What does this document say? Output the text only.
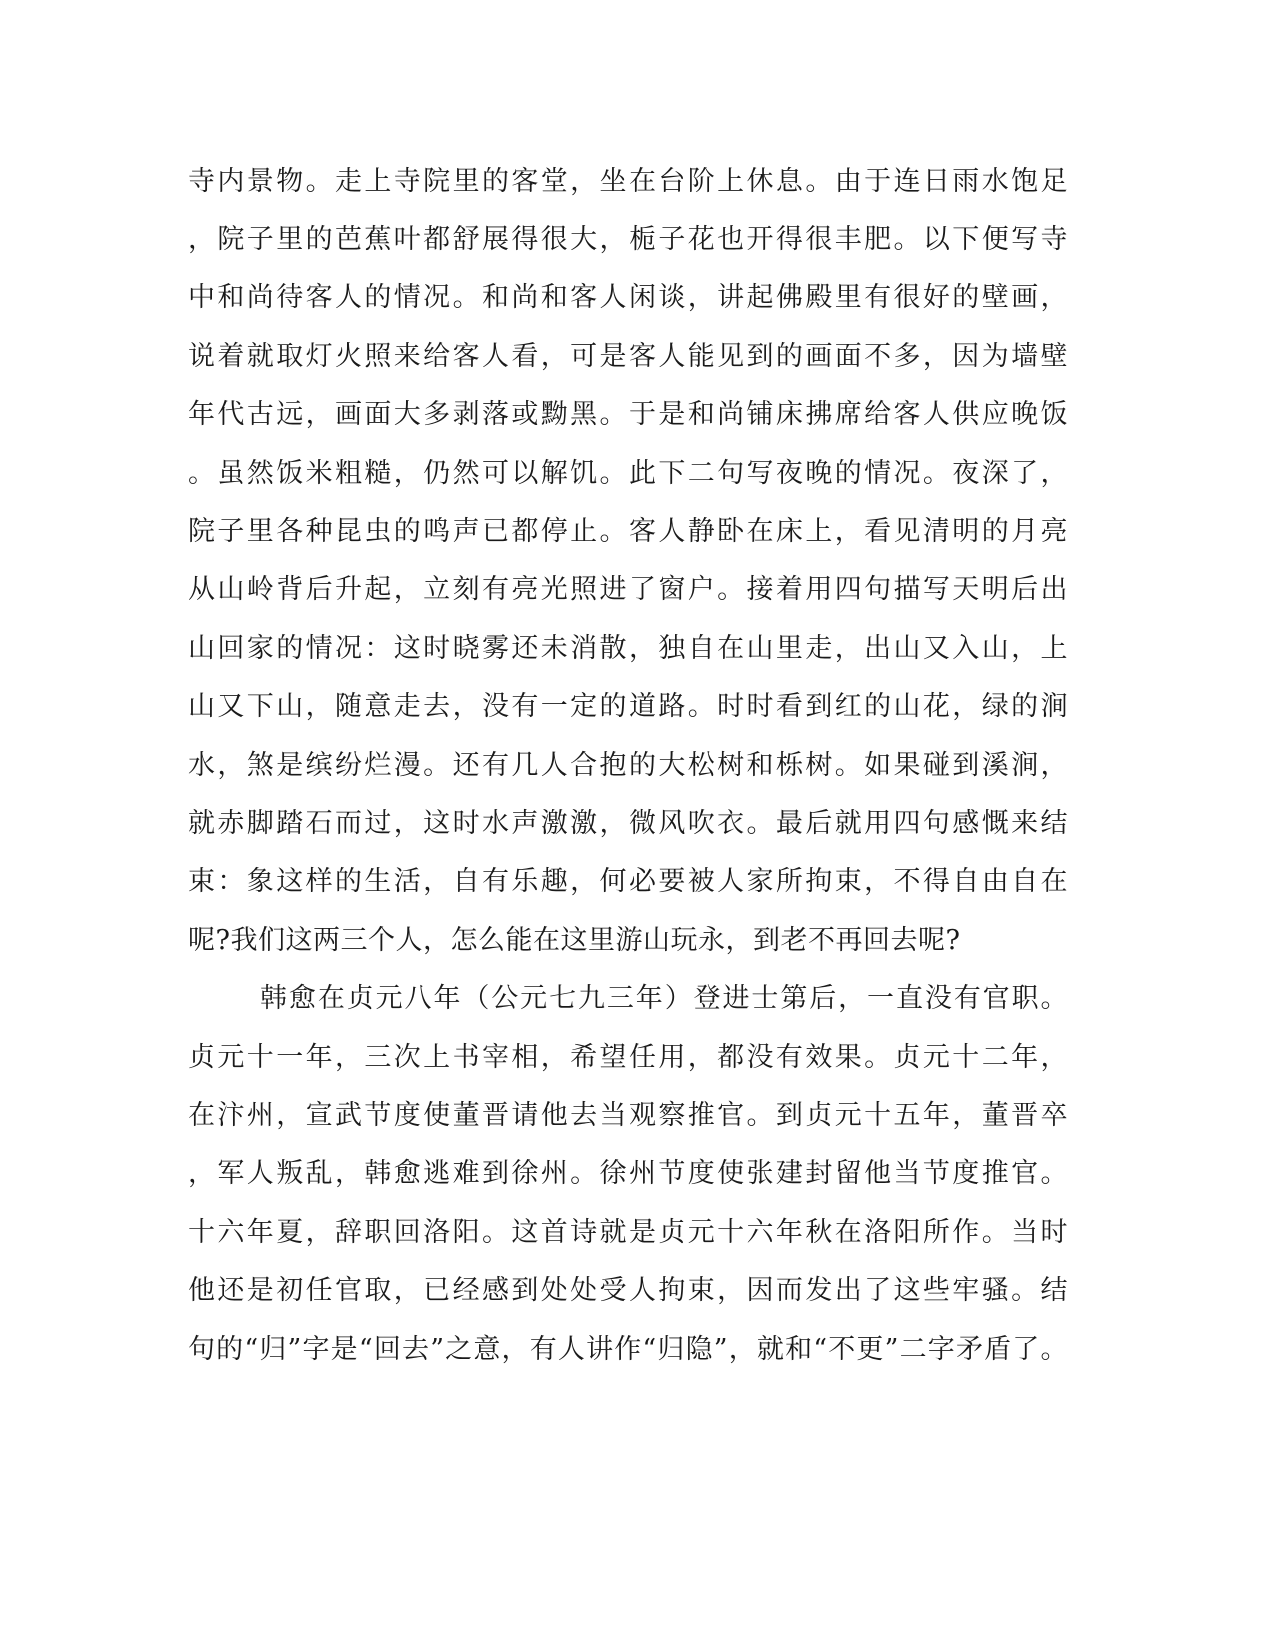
寺内景物。走上寺院里的客堂，坐在台阶上休息。由于连日雨水饱足
，院子里的芭蕉叶都舒展得很大，栀子花也开得很丰肥。以下便写寺
中和尚待客人的情况。和尚和客人闲谈，讲起佛殿里有很好的壁画，
说着就取灯火照来给客人看，可是客人能见到的画面不多，因为墙壁
年代古远，画面大多剥落或黝黑。于是和尚铺床拂席给客人供应晚饭
。虽然饭米粗糙，仍然可以解饥。此下二句写夜晚的情况。夜深了，
院子里各种昆虫的鸣声已都停止。客人静卧在床上，看见清明的月亮
从山岭背后升起，立刻有亮光照进了窗户。接着用四句描写天明后出
山回家的情况：这时晓雾还未消散，独自在山里走，出山又入山，上
山又下山，随意走去，没有一定的道路。时时看到红的山花，绿的涧
水，煞是缤纷烂漫。还有几人合抱的大松树和栎树。如果碰到溪涧，
就赤脚踏石而过，这时水声激激，微风吹衣。最后就用四句感慨来结
束：象这样的生活，自有乐趣，何必要被人家所拘束，不得自由自在
呢?我们这两三个人，怎么能在这里游山玩永，到老不再回去呢?
韩愈在贞元八年（公元七九三年）登进士第后，一直没有官职。
贞元十一年，三次上书宰相，希望任用，都没有效果。贞元十二年，
在汴州，宣武节度使董晋请他去当观察推官。到贞元十五年，董晋卒
，军人叛乱，韩愈逃难到徐州。徐州节度使张建封留他当节度推官。
十六年夏，辞职回洛阳。这首诗就是贞元十六年秋在洛阳所作。当时
他还是初任官取，已经感到处处受人拘束，因而发出了这些牢骚。结
句的“归”字是“回去”之意，有人讲作“归隐”，就和“不更”二字矛盾了。
